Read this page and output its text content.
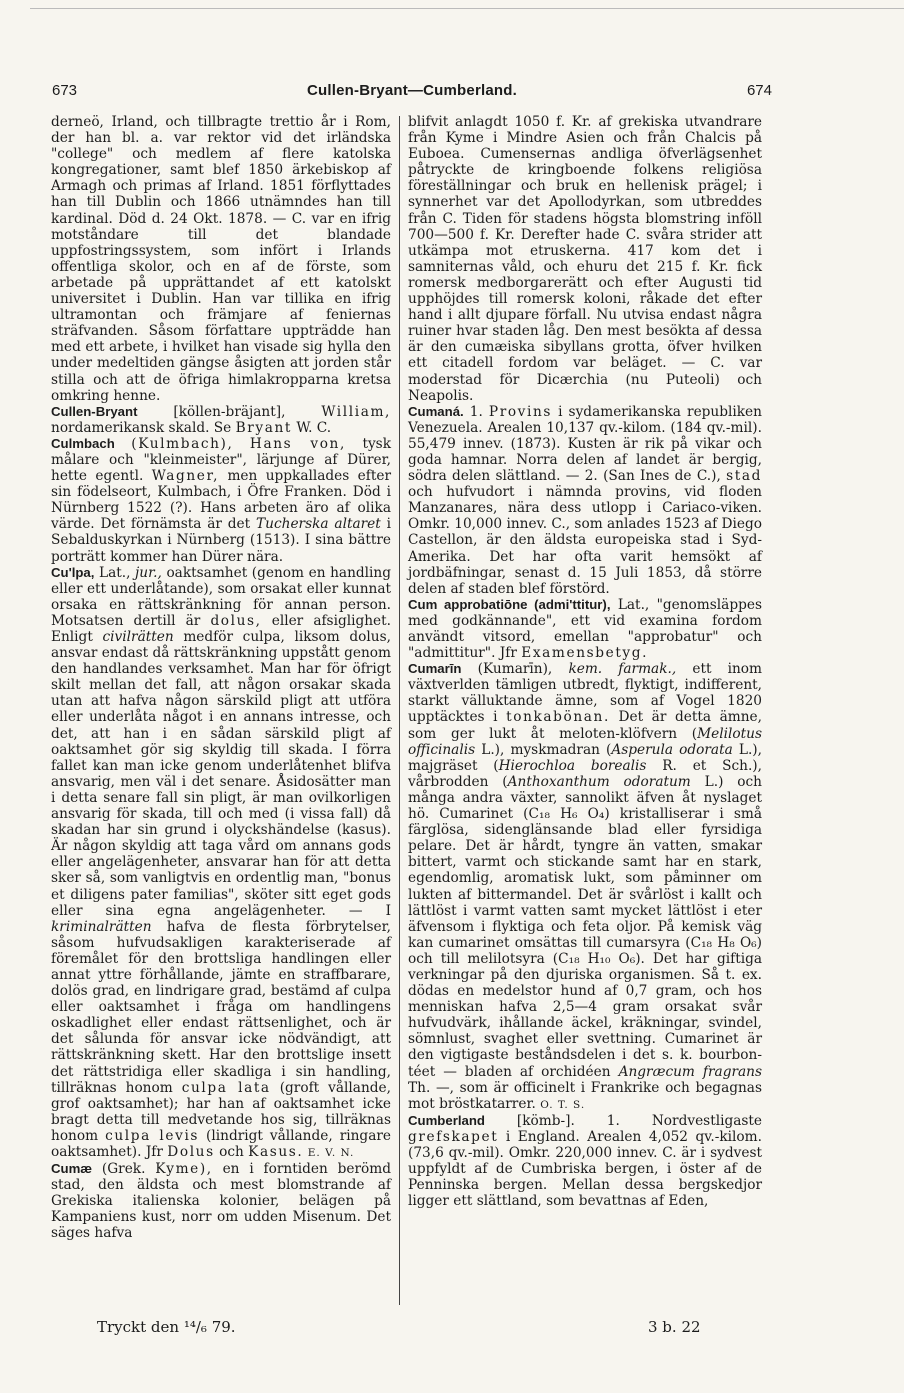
673	Cullen-Bryant—Cumberland.	674

derneö, Irland, och tillbragte trettio år i Rom, der han bl. a. var rektor vid det irländska "college" och medlem af flere katolska kongregationer, samt blef 1850 ärkebiskop af Armagh och primas af Irland. 1851 förflyttades han till Dublin och 1866 utnämndes han till kardinal. Död d. 24 Okt. 1878. — C. var en ifrig motståndare till det blandade uppfostringssystem, som infört i Irlands offentliga skolor, och en af de förste, som arbetade på upprättandet af ett katolskt universitet i Dublin. Han var tillika en ifrig ultramontan och främjare af feniernas sträfvanden. Såsom författare uppträdde han med ett arbete, i hvilket han visade sig hylla den under medeltiden gängse åsigten att jorden står stilla och att de öfriga himlakropparna kretsa omkring henne.

Cullen-Bryant	[köllen-bräjant],	William, nordamerikansk skald. Se Bryant W. C.

Culmbach (Kulmbach), Hans von, tysk målare och "kleinmeister", lärjunge af Dürer, hette egentl. Wagner, men uppkallades efter sin födelseort, Kulmbach, i Öfre Franken. Död i Nürnberg 1522 (?). Hans arbeten äro af olika värde. Det förnämsta är det Tucherska altaret i Sebalduskyrkan i Nürnberg (1513). I sina bättre porträtt kommer han Dürer nära.

Cu'lpa, Lat., jur., oaktsamhet (genom en handling eller ett underlåtande), som orsakat eller kunnat orsaka en rättskränkning för annan person. Motsatsen dertill är dolus, eller afsiglighet. Enligt civilrätten medför culpa, liksom dolus, ansvar endast då rättskränkning uppstått genom den handlandes verksamhet. Man har för öfrigt skilt mellan det fall, att någon orsakar skada utan att hafva någon särskild pligt att utföra eller underlåta något i en annans intresse, och det, att han i en sådan särskild pligt af oaktsamhet gör sig skyldig till skada. I förra fallet kan man icke genom underlåtenhet blifva ansvarig, men väl i det senare. Åsidosätter man i detta senare fall sin pligt, är man ovilkorligen ansvarig för skada, till och med (i vissa fall) då skadan har sin grund i olyckshändelse (kasus). Är någon skyldig att taga vård om annans gods eller angelägenheter, ansvarar han för att detta sker så, som vanligtvis en ordentlig man, "bonus et diligens pater familias", sköter sitt eget gods eller sina egna angelägenheter. — I kriminalrätten hafva de flesta förbrytelser, såsom hufvudsakligen karakteriserade af föremålet för den brottsliga handlingen eller annat yttre förhållande, jämte en straffbarare, dolös grad, en lindrigare grad, bestämd af culpa eller oaktsamhet i fråga om handlingens oskadlighet eller endast rättsenlighet, och är det sålunda för ansvar icke nödvändigt, att rättskränkning skett. Har den brottslige insett det rättstridiga eller skadliga i sin handling, tillräknas honom culpa lata (groft vållande, grof oaktsamhet); har han af oaktsamhet icke bragt detta till medvetande hos sig, tillräknas honom culpa levis (lindrigt vållande, ringare oaktsamhet). Jfr Dolus och Kasus. E. V. N.

Cumæ (Grek. Kyme), en i forntiden berömd stad, den äldsta och mest blomstrande af Grekiska italienska kolonier, belägen på Kampaniens kust, norr om udden Misenum. Det säges hafva

blifvit anlagdt 1050 f. Kr. af grekiska utvandrare från Kyme i Mindre Asien och från Chalcis på Euboea. Cumensernas andliga öfverlägsenhet påtryckte de kringboende folkens religiösa föreställningar och bruk en hellenisk prägel; i synnerhet var det Apollodyrkan, som utbreddes från C. Tiden för stadens högsta blomstring inföll 700—500 f. Kr. Derefter hade C. svåra strider att utkämpa mot etruskerna. 417 kom det i samniternas våld, och ehuru det 215 f. Kr. fick romersk medborgarerätt och efter Augusti tid upphöjdes till romersk koloni, råkade det efter hand i allt djupare förfall. Nu utvisa endast några ruiner hvar staden låg. Den mest besökta af dessa är den cumæiska sibyllans grotta, öfver hvilken ett citadell fordom var beläget. — C. var moderstad för Dicærchia (nu Puteoli) och Neapolis.

Cumaná. 1. Provins i sydamerikanska republiken Venezuela. Arealen 10,137 qv.-kilom. (184 qv.-mil). 55,479 innev. (1873). Kusten är rik på vikar och goda hamnar. Norra delen af landet är bergig, södra delen slättland. — 2. (San Ines de C.), stad och hufvudort i nämnda provins, vid floden Manzanares, nära dess utlopp i Cariaco-viken. Omkr. 10,000 innev. C., som anlades 1523 af Diego Castellon, är den äldsta europeiska stad i Syd-Amerika. Det har ofta varit hemsökt af jordbäfningar, senast d. 15 Juli 1853, då större delen af staden blef förstörd.

Cum approbatiōne (admi'ttitur), Lat., "genomsläppes med godkännande", ett vid examina fordom användt vitsord, emellan "approbatur" och "admittitur". Jfr Examensbetyg.

Cumarīn (Kumarīn), kem. farmak., ett inom växtverlden tämligen utbredt, flyktigt, indifferent, starkt välluktande ämne, som af Vogel 1820 upptäcktes i tonkabönan. Det är detta ämne, som ger lukt åt meloten-klöfvern (Melilotus officinalis L.), myskmadran (Asperula odorata L.), majgräset (Hierochloa borealis R. et Sch.), vårbrodden (Anthoxanthum odoratum L.) och många andra växter, sannolikt äfven åt nyslaget hö. Cumarinet (C₁₈ H₆ O₄) kristalliserar i små färglösa, sidenglänsande blad eller fyrsidiga pelare. Det är hårdt, tyngre än vatten, smakar bittert, varmt och stickande samt har en stark, egendomlig, aromatisk lukt, som påminner om lukten af bittermandel. Det är svårlöst i kallt och lättlöst i varmt vatten samt mycket lättlöst i eter äfvensom i flyktiga och feta oljor. På kemisk väg kan cumarinet omsättas till cumarsyra (C₁₈ H₈ O₆) och till melilotsyra (C₁₈ H₁₀ O₆). Det har giftiga verkningar på den djuriska organismen. Så t. ex. dödas en medelstor hund af 0,7 gram, och hos menniskan hafva 2,5—4 gram orsakat svår hufvudvärk, ihållande äckel, kräkningar, svindel, sömnlust, svaghet eller svettning. Cumarinet är den vigtigaste beståndsdelen i det s. k. bourbon-téet — bladen af orchidéen Angræcum fragrans Th. —, som är officinelt i Frankrike och begagnas mot bröstkatarrer. O. T. S.

Cumberland [kömb-]. 1. Nordvestligaste grefskapet i England. Arealen 4,052 qv.-kilom. (73,6 qv.-mil). Omkr. 220,000 innev. C. är i sydvest uppfyldt af de Cumbriska bergen, i öster af de Penninska bergen. Mellan dessa bergskedjor ligger ett slättland, som bevattnas af Eden,

Tryckt den ¹⁴/₆ 79.	3 b. 22
